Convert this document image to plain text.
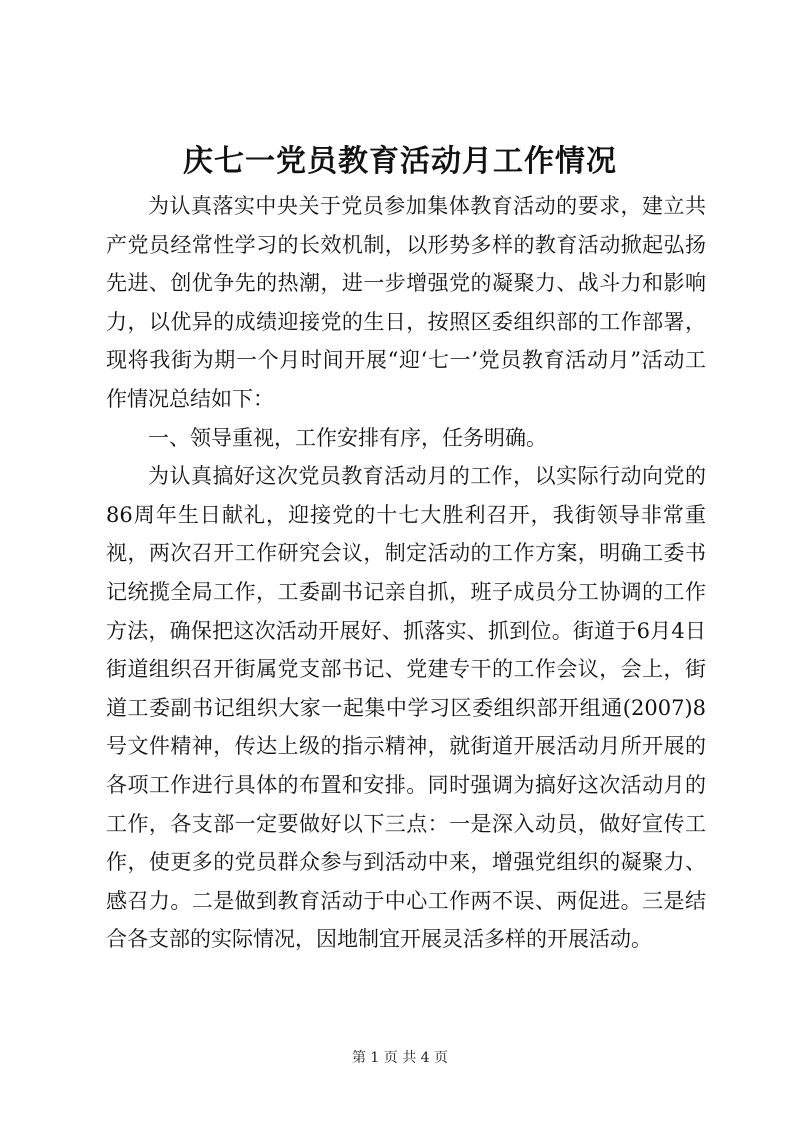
庆七一党员教育活动月工作情况

为认真落实中央关于党员参加集体教育活动的要求，建立共产党员经常性学习的长效机制，以形势多样的教育活动掀起弘扬先进、创优争先的热潮，进一步增强党的凝聚力、战斗力和影响力，以优异的成绩迎接党的生日，按照区委组织部的工作部署，现将我街为期一个月时间开展“迎‘七一’党员教育活动月”活动工作情况总结如下：

一、领导重视，工作安排有序，任务明确。

为认真搞好这次党员教育活动月的工作，以实际行动向党的86周年生日献礼，迎接党的十七大胜利召开，我街领导非常重视，两次召开工作研究会议，制定活动的工作方案，明确工委书记统揽全局工作，工委副书记亲自抓，班子成员分工协调的工作方法，确保把这次活动开展好、抓落实、抓到位。街道于6月4日街道组织召开街属党支部书记、党建专干的工作会议，会上，街道工委副书记组织大家一起集中学习区委组织部开组通(2007)8号文件精神，传达上级的指示精神，就街道开展活动月所开展的各项工作进行具体的布置和安排。同时强调为搞好这次活动月的工作，各支部一定要做好以下三点：一是深入动员，做好宣传工作，使更多的党员群众参与到活动中来，增强党组织的凝聚力、感召力。二是做到教育活动于中心工作两不误、两促进。三是结合各支部的实际情况，因地制宜开展灵活多样的开展活动。

第 1 页 共 4 页
